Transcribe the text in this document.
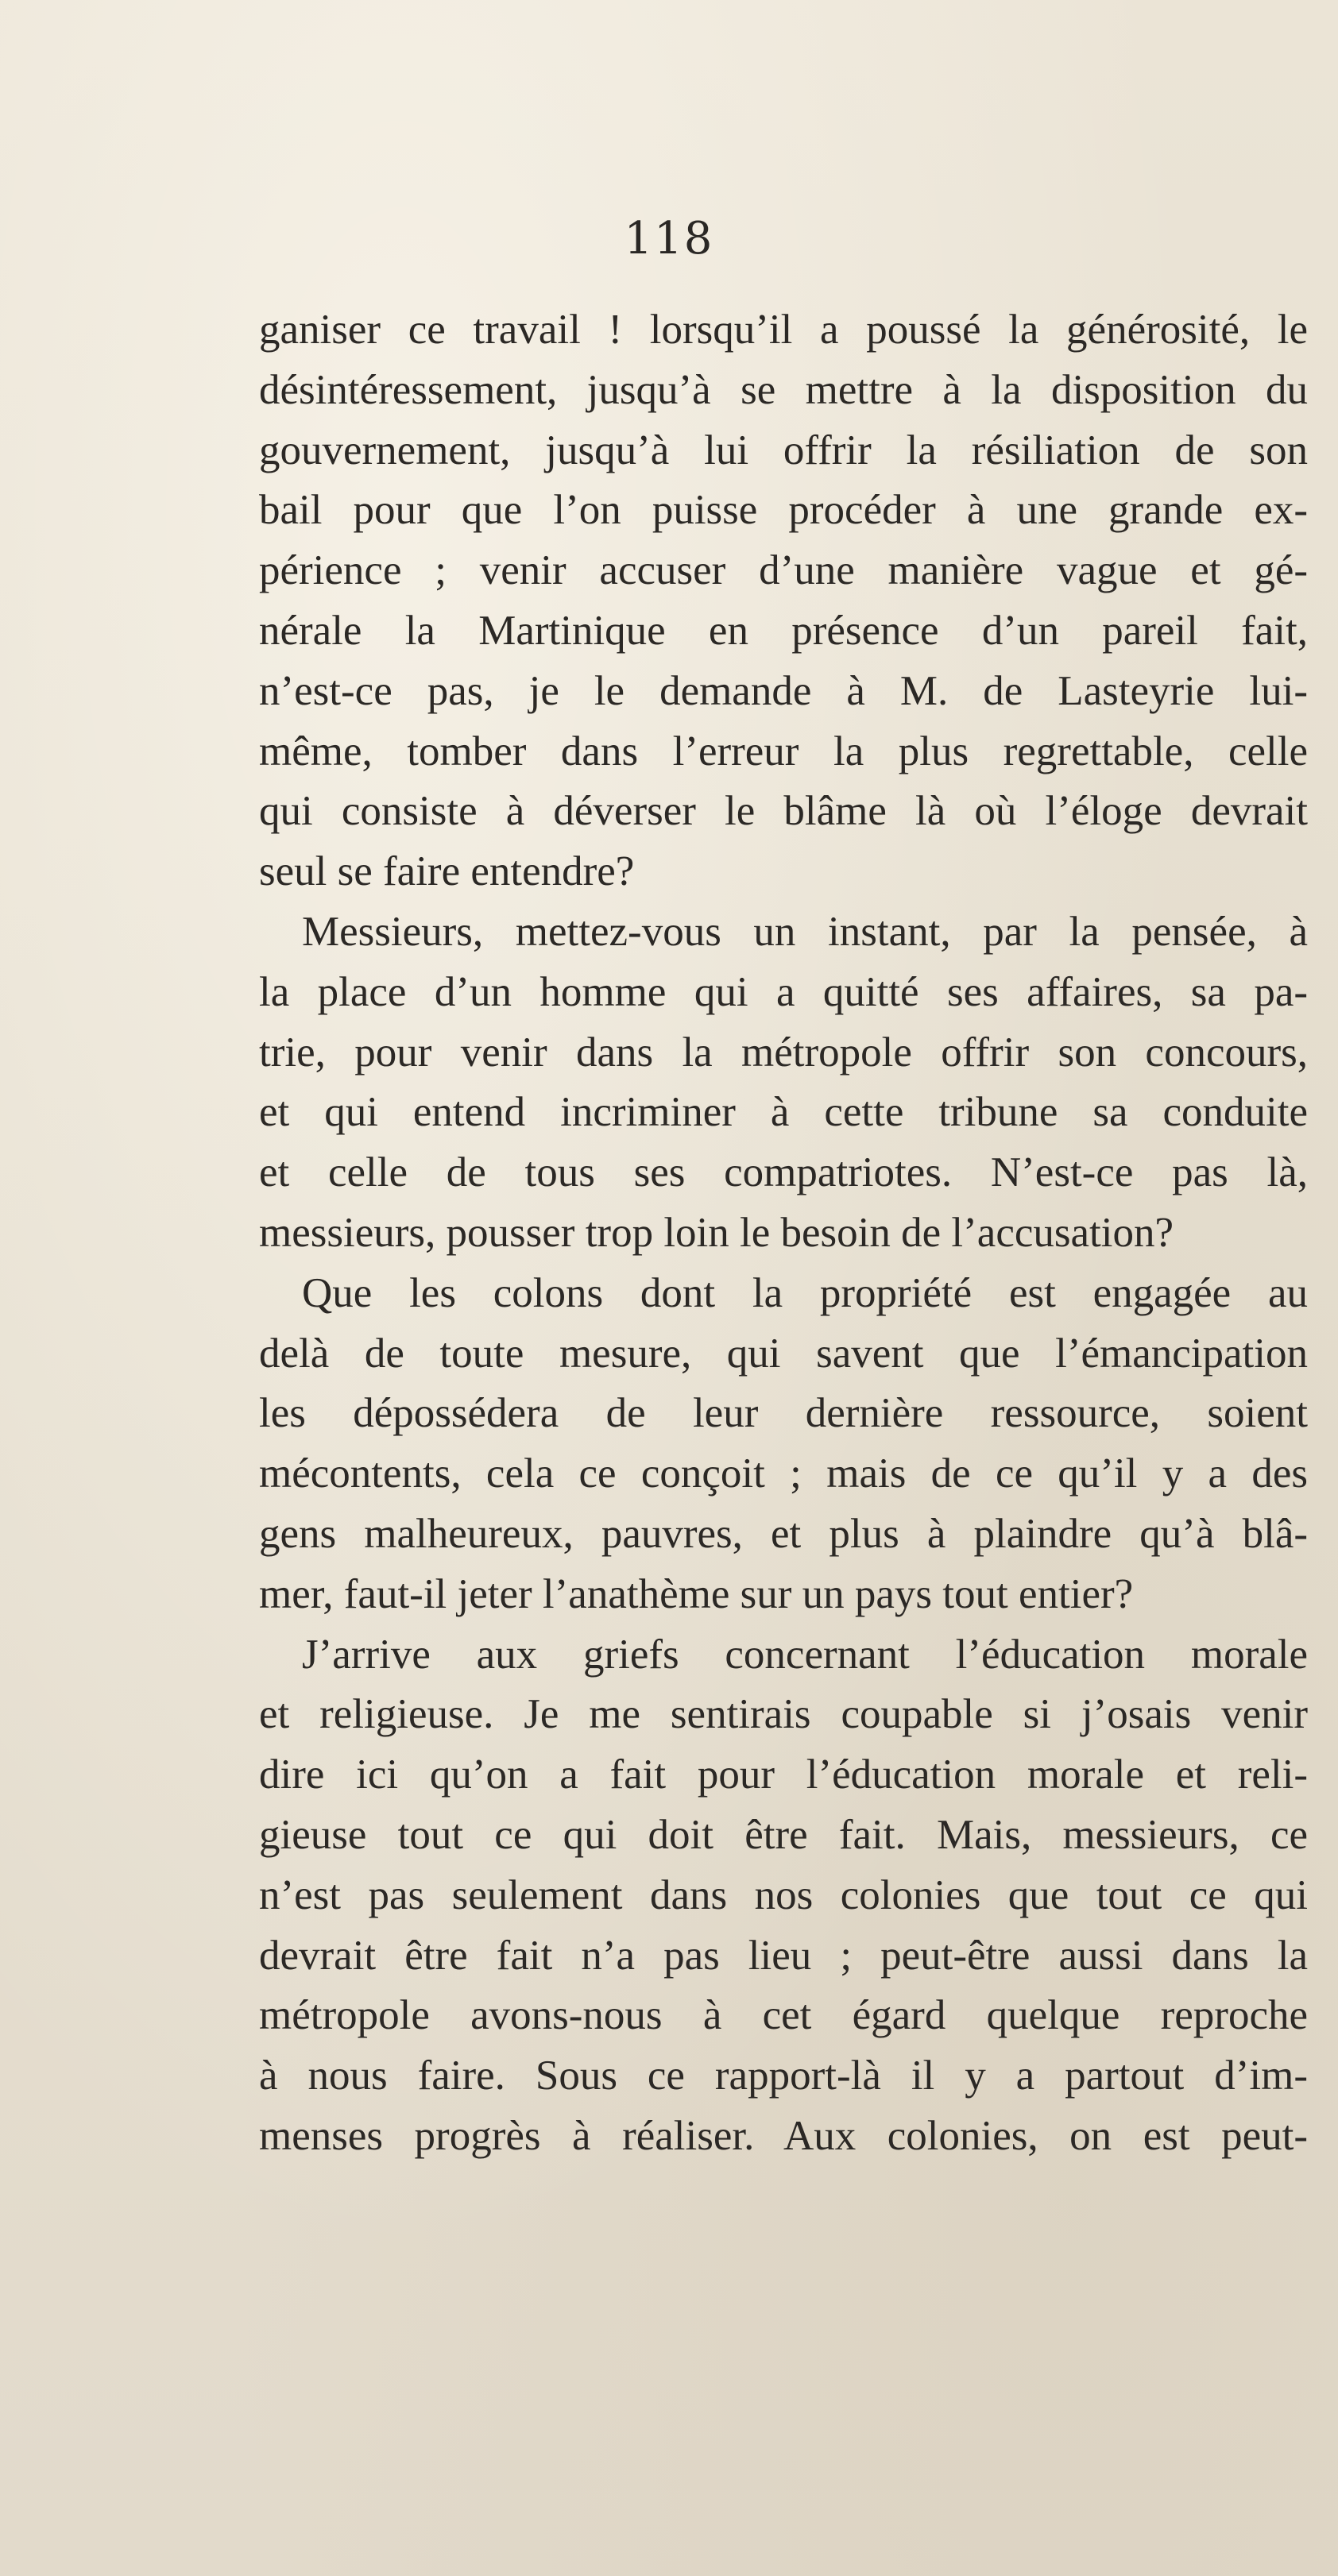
118
ganiser ce travail ! lorsqu’il a poussé la générosité, le
désintéressement, jusqu’à se mettre à la disposition du
gouvernement, jusqu’à lui offrir la résiliation de son
bail pour que l’on puisse procéder à une grande ex-
périence ; venir accuser d’une manière vague et gé-
nérale la Martinique en présence d’un pareil fait,
n’est-ce pas, je le demande à M. de Lasteyrie lui-
même, tomber dans l’erreur la plus regrettable, celle
qui consiste à déverser le blâme là où l’éloge devrait
seul se faire entendre?
Messieurs, mettez-vous un instant, par la pensée, à
la place d’un homme qui a quitté ses affaires, sa pa-
trie, pour venir dans la métropole offrir son concours,
et qui entend incriminer à cette tribune sa conduite
et celle de tous ses compatriotes. N’est-ce pas là,
messieurs, pousser trop loin le besoin de l’accusation?
Que les colons dont la propriété est engagée au
delà de toute mesure, qui savent que l’émancipation
les dépossédera de leur dernière ressource, soient
mécontents, cela ce conçoit ; mais de ce qu’il y a des
gens malheureux, pauvres, et plus à plaindre qu’à blâ-
mer, faut-il jeter l’anathème sur un pays tout entier?
J’arrive aux griefs concernant l’éducation morale
et religieuse. Je me sentirais coupable si j’osais venir
dire ici qu’on a fait pour l’éducation morale et reli-
gieuse tout ce qui doit être fait. Mais, messieurs, ce
n’est pas seulement dans nos colonies que tout ce qui
devrait être fait n’a pas lieu ; peut-être aussi dans la
métropole avons-nous à cet égard quelque reproche
à nous faire. Sous ce rapport-là il y a partout d’im-
menses progrès à réaliser. Aux colonies, on est peut-
